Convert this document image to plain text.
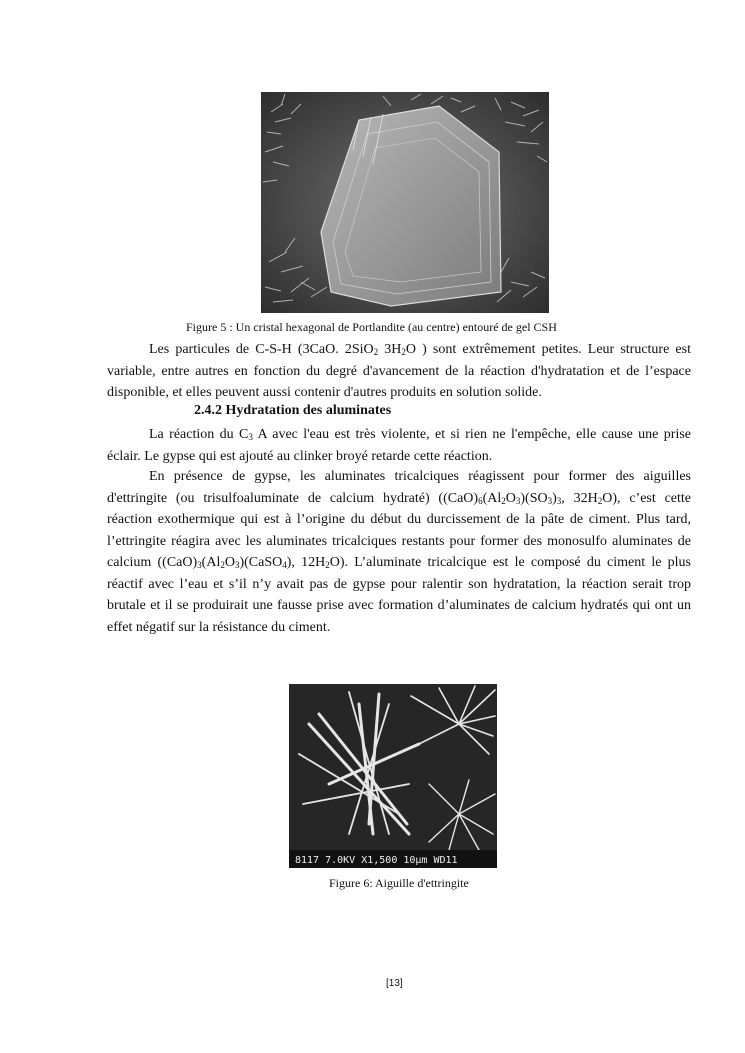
Figure 5 : Un cristal hexagonal de Portlandite (au centre) entouré de gel CSH
Les particules de C-S-H (3CaO. 2SiO$_2$ $3H_2O$ ) sont extrêmement petites. Leur structure est variable, entre autres en fonction du degré d'avancement de la réaction d'hydratation et de l’espace disponible, et elles peuvent aussi contenir d'autres produits en solution solide.
2.4.2 Hydratation des aluminates
La réaction du $C_3$ A avec l'eau est très violente, et si rien ne l'empêche, elle cause une prise éclair. Le gypse qui est ajouté au clinker broyé retarde cette réaction.
En présence de gypse, les aluminates tricalciques réagissent pour former des aiguilles d'ettringite (ou trisulfoaluminate de calcium hydraté) ($(CaO)_6(Al_2O_3)(SO_3)_3$, $32H_2O$), c’est cette réaction exothermique qui est à l’origine du début du durcissement de la pâte de ciment. Plus tard, l’ettringite réagira avec les aluminates tricalciques restants pour former des monosulfo aluminates de calcium ($(CaO)_3(Al_2O_3)(CaSO_4)$, $12H_2O$). L’aluminate tricalcique est le composé du ciment le plus réactif avec l’eau et s’il n’y avait pas de gypse pour ralentir son hydratation, la réaction serait trop brutale et il se produirait une fausse prise avec formation d’aluminates de calcium hydratés qui ont un effet négatif sur la résistance du ciment.
8117 7.0KV X1,500 10µm WD11
Figure 6: Aiguille d'ettringite
[13]
